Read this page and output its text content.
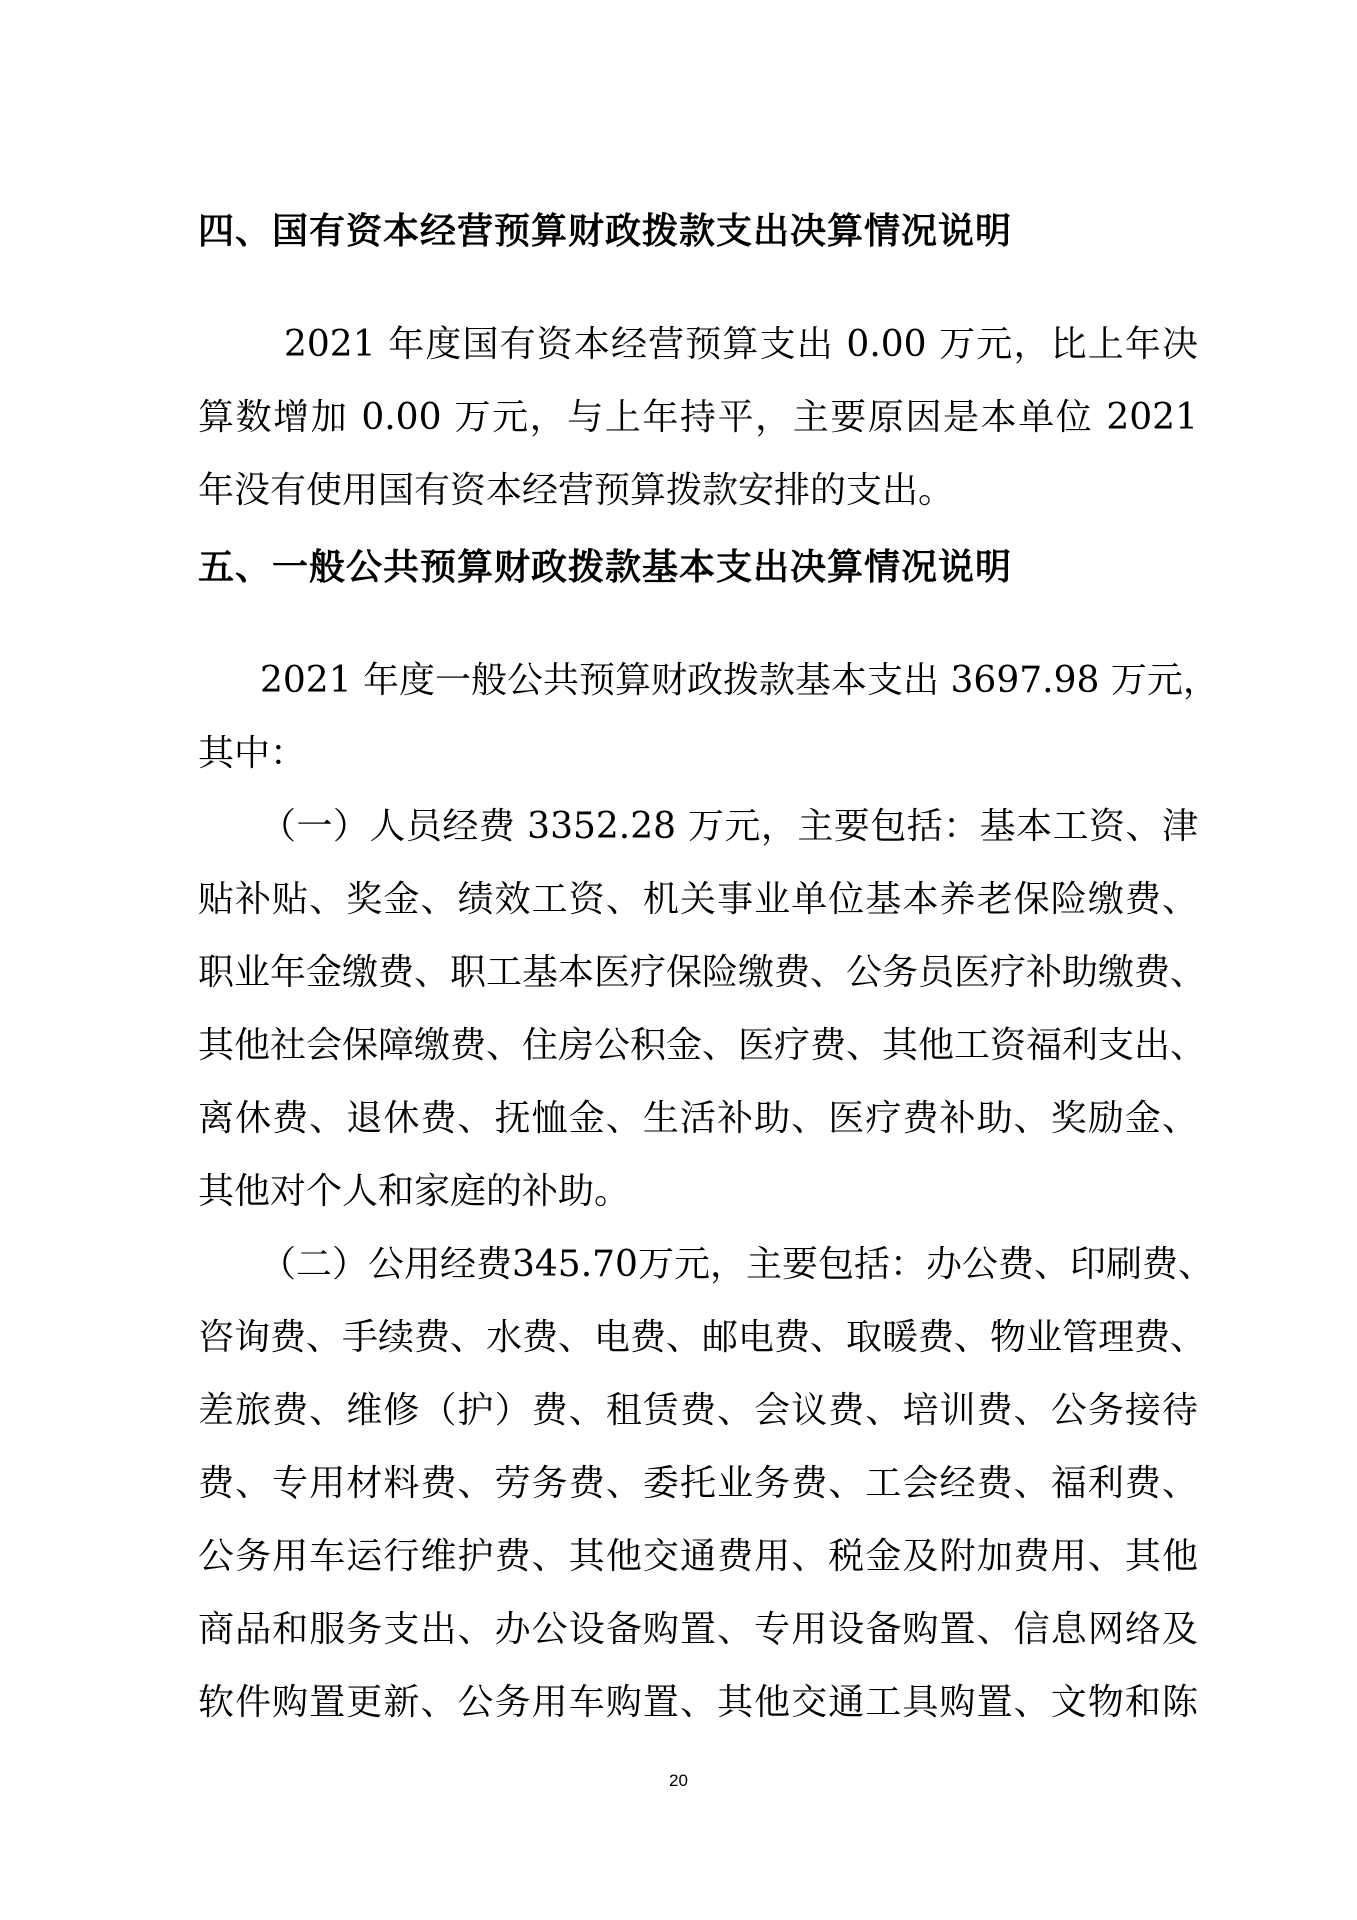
四、国有资本经营预算财政拨款支出决算情况说明
2021 年度国有资本经营预算支出 0.00 万元，比上年决
算数增加 0.00 万元，与上年持平，主要原因是本单位 2021
年没有使用国有资本经营预算拨款安排的支出。
五、一般公共预算财政拨款基本支出决算情况说明
2021 年度一般公共预算财政拨款基本支出 3697.98 万元，
其中：
（一）人员经费 3352.28 万元，主要包括：基本工资、津
贴补贴、奖金、绩效工资、机关事业单位基本养老保险缴费、
职业年金缴费、职工基本医疗保险缴费、公务员医疗补助缴费、
其他社会保障缴费、住房公积金、医疗费、其他工资福利支出、
离休费、退休费、抚恤金、生活补助、医疗费补助、奖励金、
其他对个人和家庭的补助。
（二）公用经费345.70万元，主要包括：办公费、印刷费、
咨询费、手续费、水费、电费、邮电费、取暖费、物业管理费、
差旅费、维修（护）费、租赁费、会议费、培训费、公务接待
费、专用材料费、劳务费、委托业务费、工会经费、福利费、
公务用车运行维护费、其他交通费用、税金及附加费用、其他
商品和服务支出、办公设备购置、专用设备购置、信息网络及
软件购置更新、公务用车购置、其他交通工具购置、文物和陈
20
